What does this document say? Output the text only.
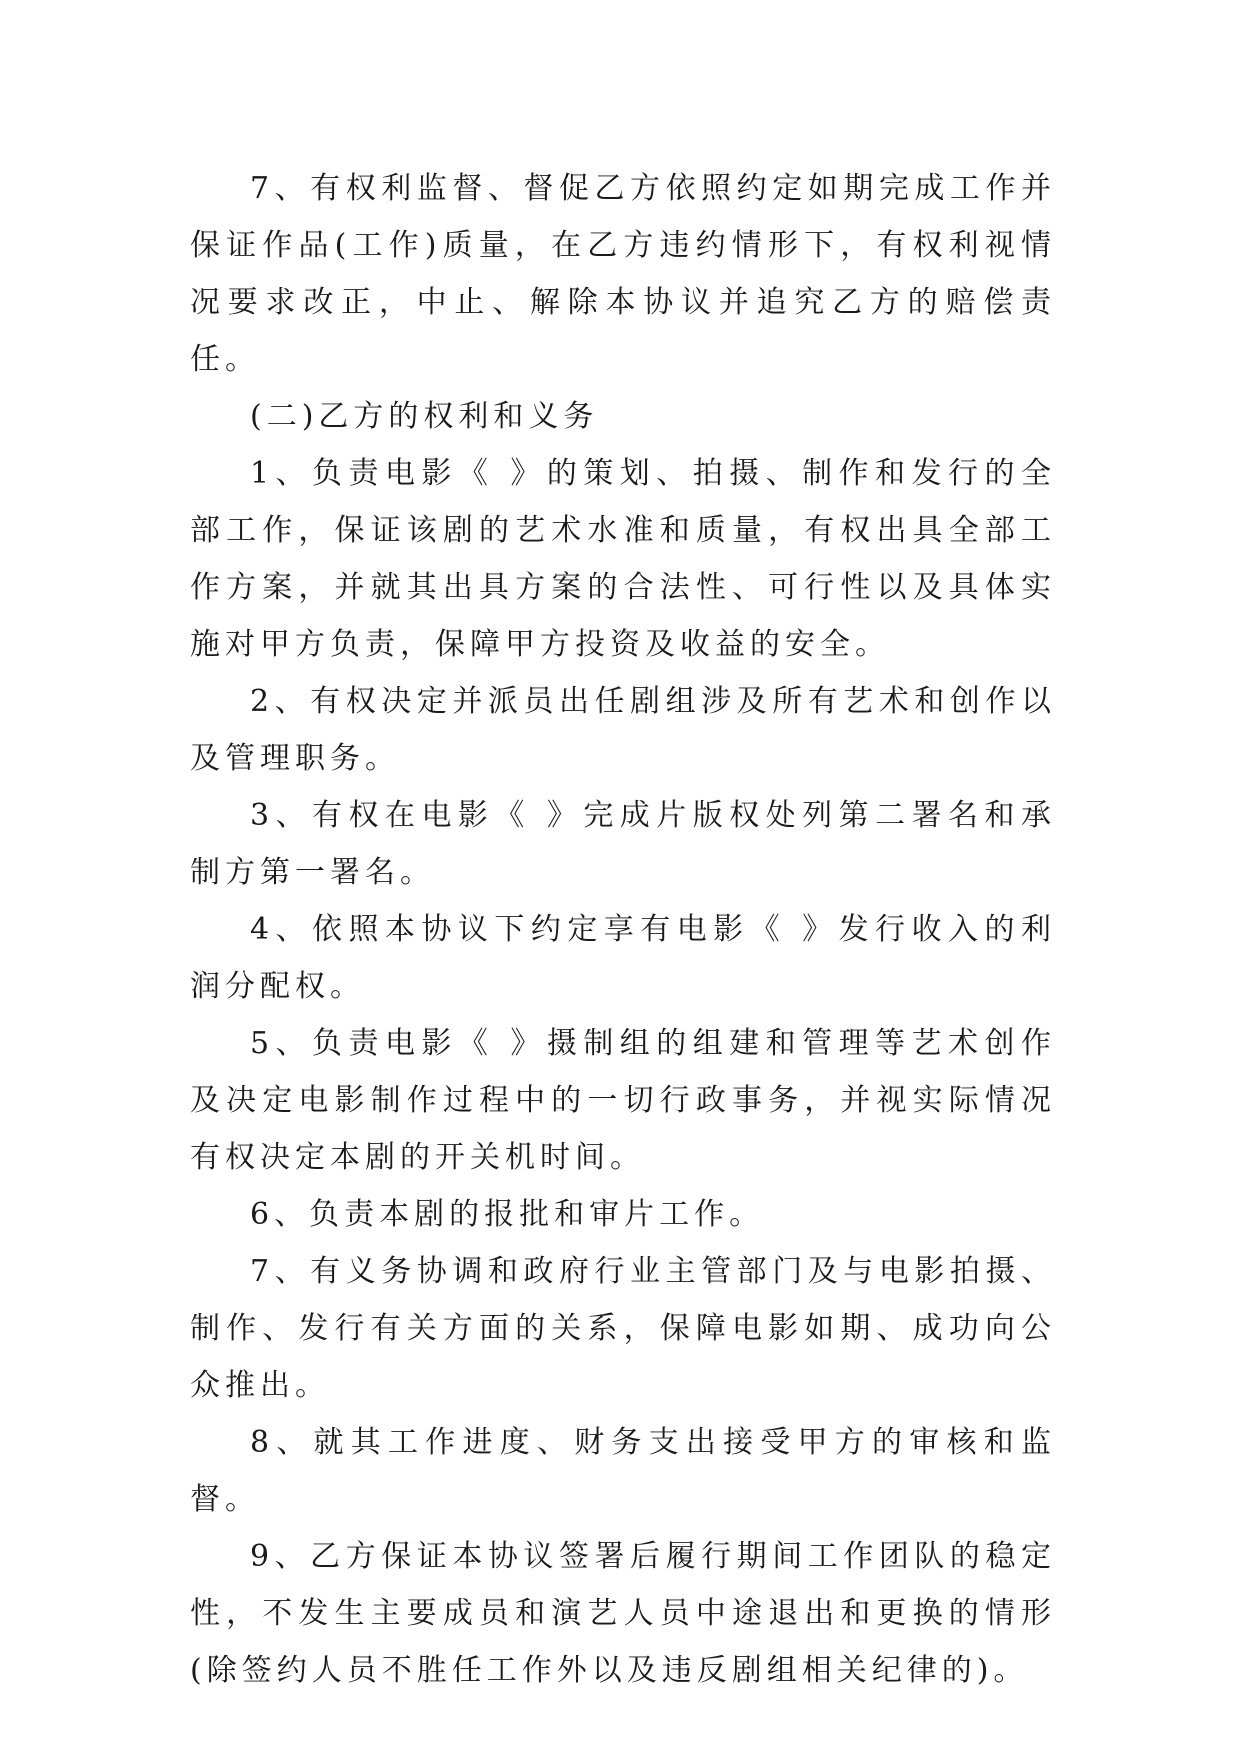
7、有权利监督、督促乙方依照约定如期完成工作并保证作品(工作)质量，在乙方违约情形下，有权利视情况要求改正，中止、解除本协议并追究乙方的赔偿责任。

(二)乙方的权利和义务

1、负责电影《 》的策划、拍摄、制作和发行的全部工作，保证该剧的艺术水准和质量，有权出具全部工作方案，并就其出具方案的合法性、可行性以及具体实施对甲方负责，保障甲方投资及收益的安全。

2、有权决定并派员出任剧组涉及所有艺术和创作以及管理职务。

3、有权在电影《 》完成片版权处列第二署名和承制方第一署名。

4、依照本协议下约定享有电影《 》发行收入的利润分配权。

5、负责电影《 》摄制组的组建和管理等艺术创作及决定电影制作过程中的一切行政事务，并视实际情况有权决定本剧的开关机时间。

6、负责本剧的报批和审片工作。

7、有义务协调和政府行业主管部门及与电影拍摄、制作、发行有关方面的关系，保障电影如期、成功向公众推出。

8、就其工作进度、财务支出接受甲方的审核和监督。

9、乙方保证本协议签署后履行期间工作团队的稳定性，不发生主要成员和演艺人员中途退出和更换的情形(除签约人员不胜任工作外以及违反剧组相关纪律的)。
